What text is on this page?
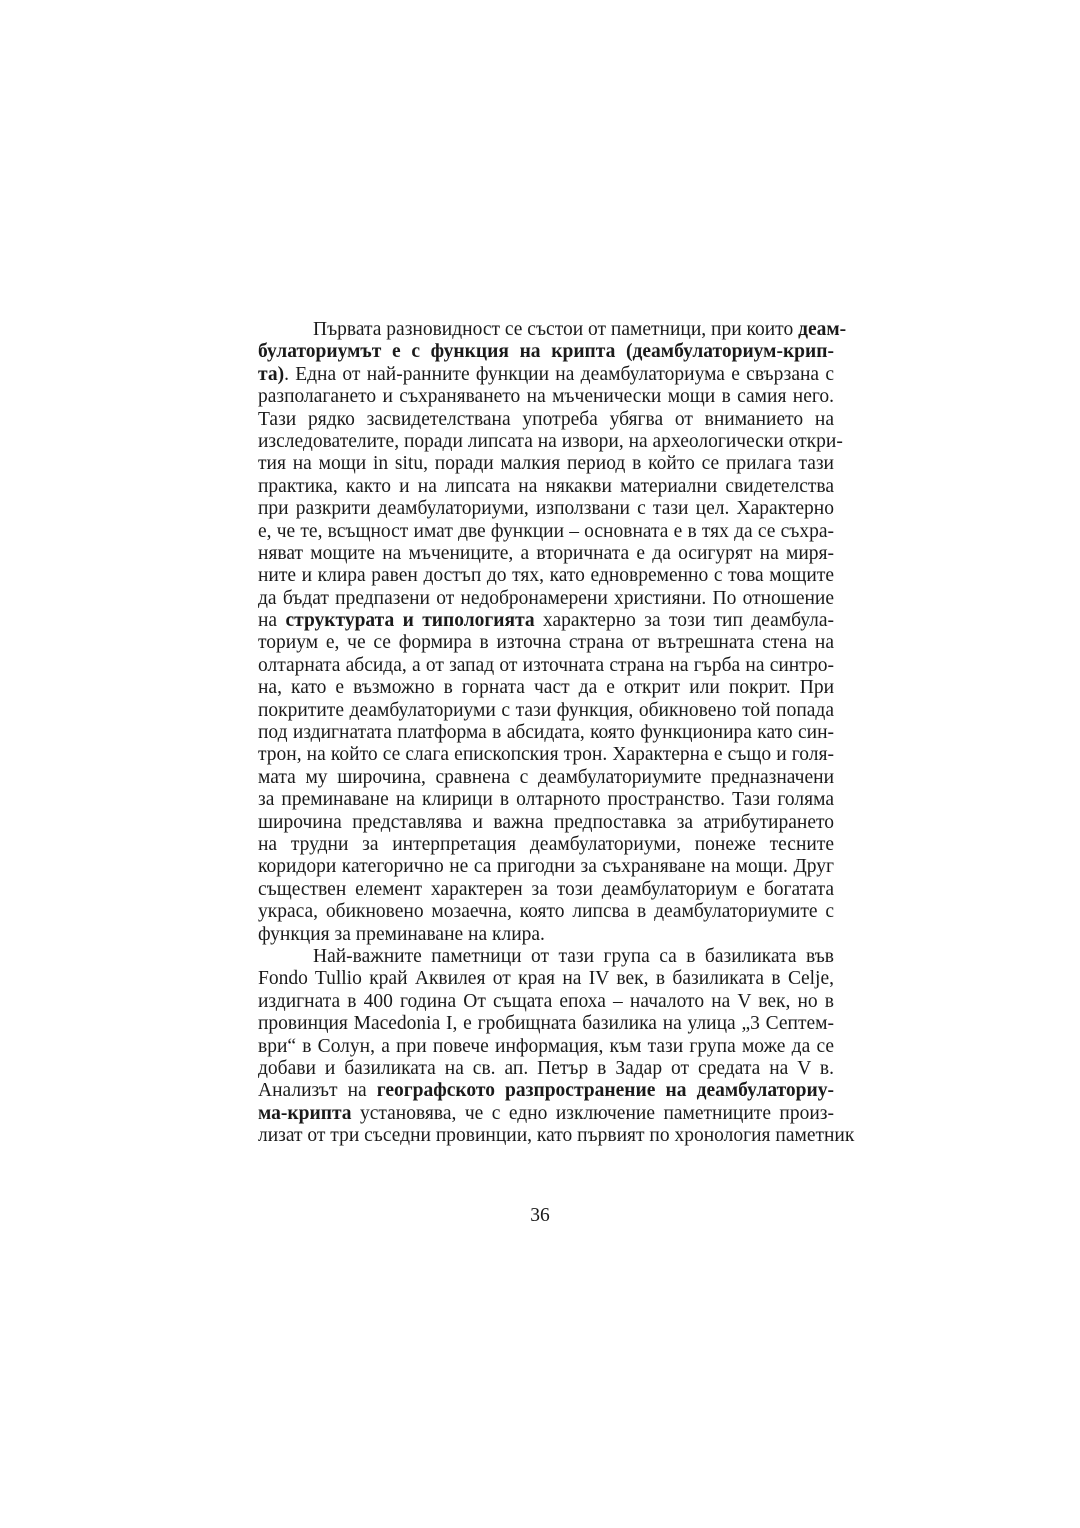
Първата разновидност се състои от паметници, при които деам-
булаториумът е с функция на крипта (деамбулаториум-крип-
та). Една от най-ранните функции на деамбулаториума е свързана с
разполагането и съхраняването на мъченически мощи в самия него.
Тази рядко засвидетелствана употреба убягва от вниманието на
изследователите, поради липсата на извори, на археологически откри-
тия на мощи in situ, поради малкия период в който се прилага тази
практика, както и на липсата на някакви материални свидетелства
при разкрити деамбулаториуми, използвани с тази цел. Характерно
е, че те, всъщност имат две функции – основната е в тях да се съхра-
няват мощите на мъчениците, а вторичната е да осигурят на миря-
ните и клира равен достъп до тях, като едновременно с това мощите
да бъдат предпазени от недобронамерени християни. По отношение
на структурата и типологията характерно за този тип деамбула-
ториум е, че се формира в източна страна от вътрешната стена на
олтарната абсида, а от запад от източната страна на гърба на синтро-
на, като е възможно в горната част да е открит или покрит. При
покритите деамбулаториуми с тази функция, обикновено той попада
под издигнатата платформа в абсидата, която функционира като син-
трон, на който се слага епископския трон. Характерна е също и голя-
мата му широчина, сравнена с деамбулаториумите предназначени
за преминаване на клирици в олтарното пространство. Тази голяма
широчина представлява и важна предпоставка за атрибутирането
на трудни за интерпретация деамбулаториуми, понеже тесните
коридори категорично не са пригодни за съхраняване на мощи. Друг
съществен елемент характерен за този деамбулаториум е богатата
украса, обикновено мозаечна, която липсва в деамбулаториумите с
функция за преминаване на клира.
Най-важните паметници от тази група са в базиликата във
Fondo Tullio край Аквилея от края на IV век, в базиликата в Celje,
издигната в 400 година От същата епоха – началото на V век, но в
провинция Macedonia I, е гробищната базилика на улица „3 Септем-
ври“ в Солун, а при повече информация, към тази група може да се
добави и базиликата на св. ап. Петър в Задар от средата на V в.
Анализът на географското разпространение на деамбулаториу-
ма-крипта установява, че с едно изключение паметниците произ-
лизат от три съседни провинции, като първият по хронология паметник
36
